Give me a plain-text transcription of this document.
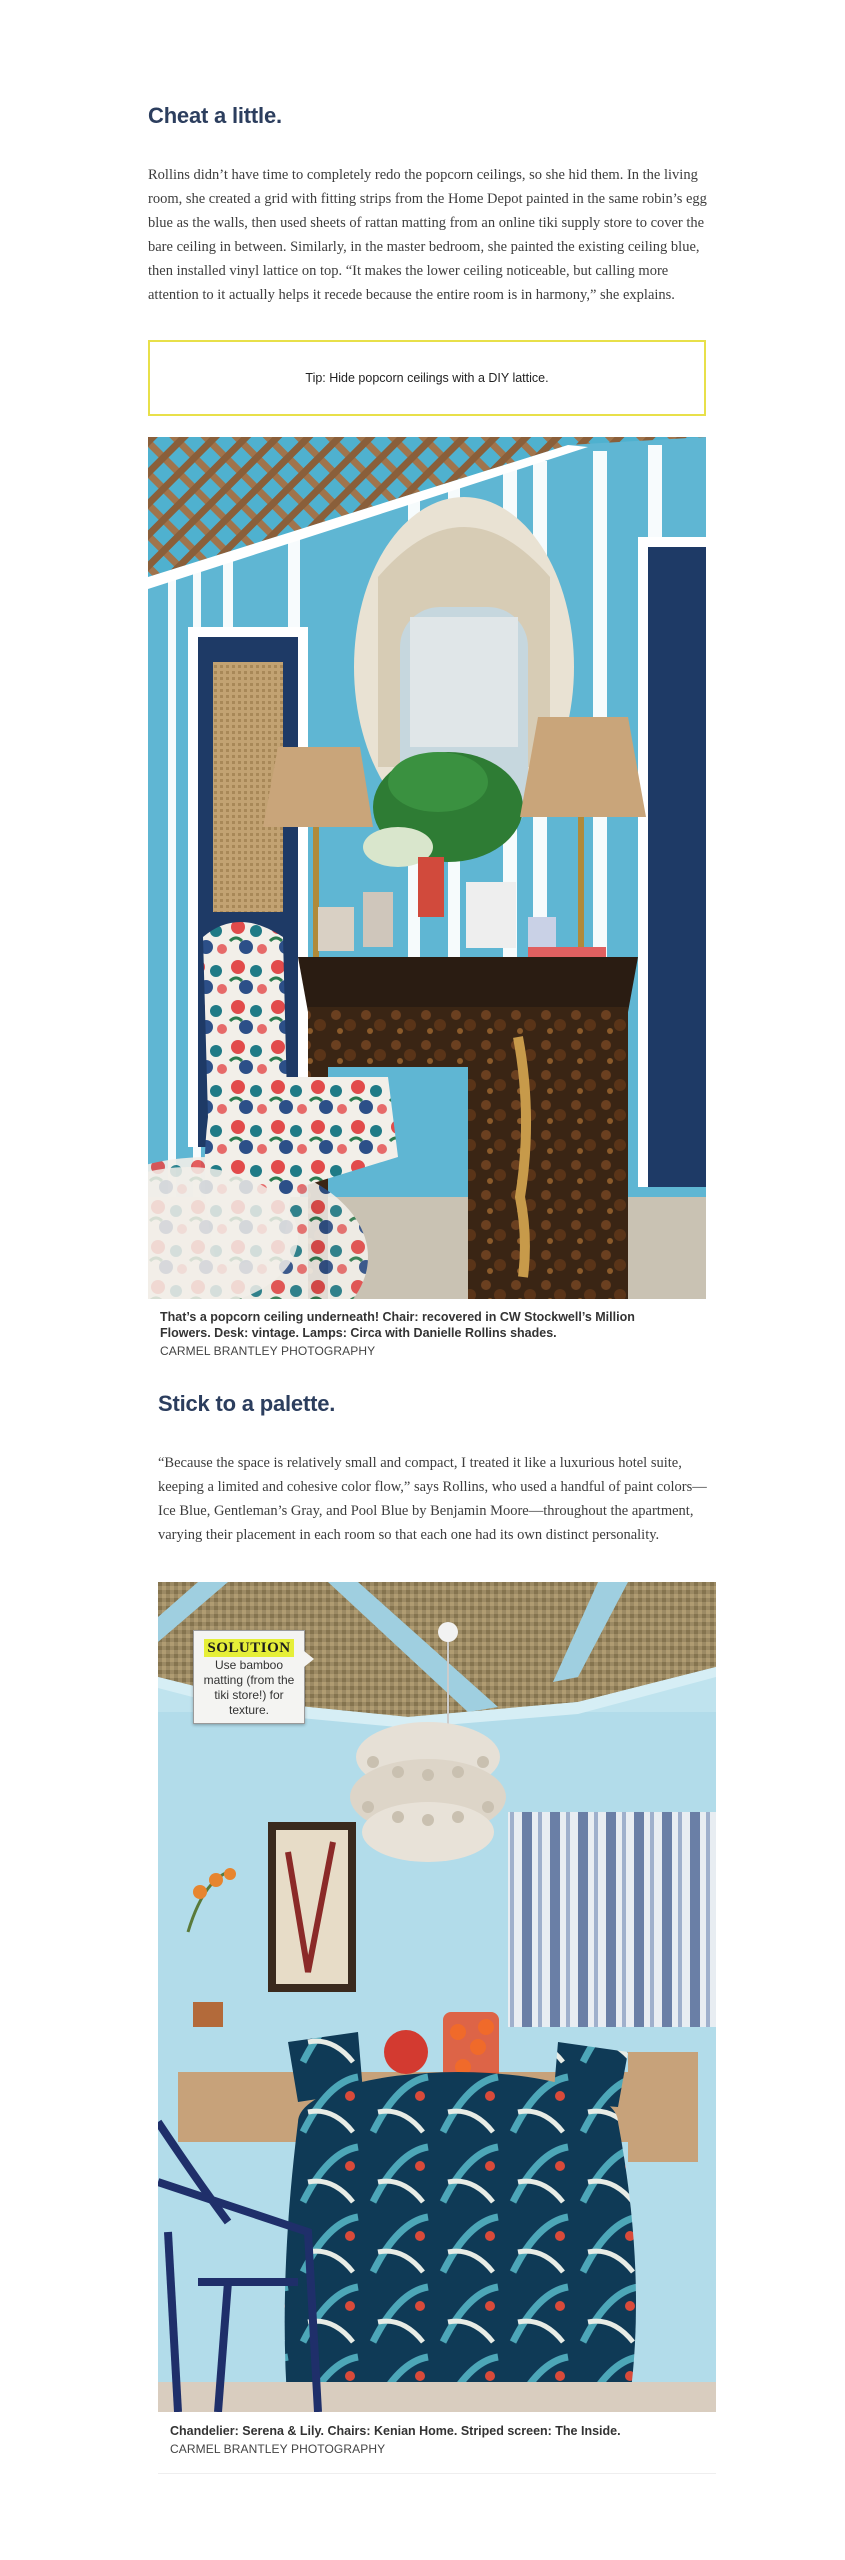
Cheat a little.

Rollins didn’t have time to completely redo the popcorn ceilings, so she hid them. In the living room, she created a grid with fitting strips from the Home Depot painted in the same robin’s egg blue as the walls, then used sheets of rattan matting from an online tiki supply store to cover the bare ceiling in between. Similarly, in the master bedroom, she painted the existing ceiling blue, then installed vinyl lattice on top. “It makes the lower ceiling noticeable, but calling more attention to it actually helps it recede because the entire room is in harmony,” she explains.

Tip: Hide popcorn ceilings with a DIY lattice.
That’s a popcorn ceiling underneath! Chair: recovered in CW Stockwell’s Million Flowers. Desk: vintage. Lamps: Circa with Danielle Rollins shades.
CARMEL BRANTLEY PHOTOGRAPHY
Stick to a palette.

“Because the space is relatively small and compact, I treated it like a luxurious hotel suite, keeping a limited and cohesive color flow,” says Rollins, who used a handful of paint colors—Ice Blue, Gentleman’s Gray, and Pool Blue by Benjamin Moore—throughout the apartment, varying their placement in each room so that each one had its own distinct personality.

SOLUTION
Use bamboo matting (from the tiki store!) for texture.
Chandelier: Serena & Lily. Chairs: Kenian Home. Striped screen: The Inside.
CARMEL BRANTLEY PHOTOGRAPHY
